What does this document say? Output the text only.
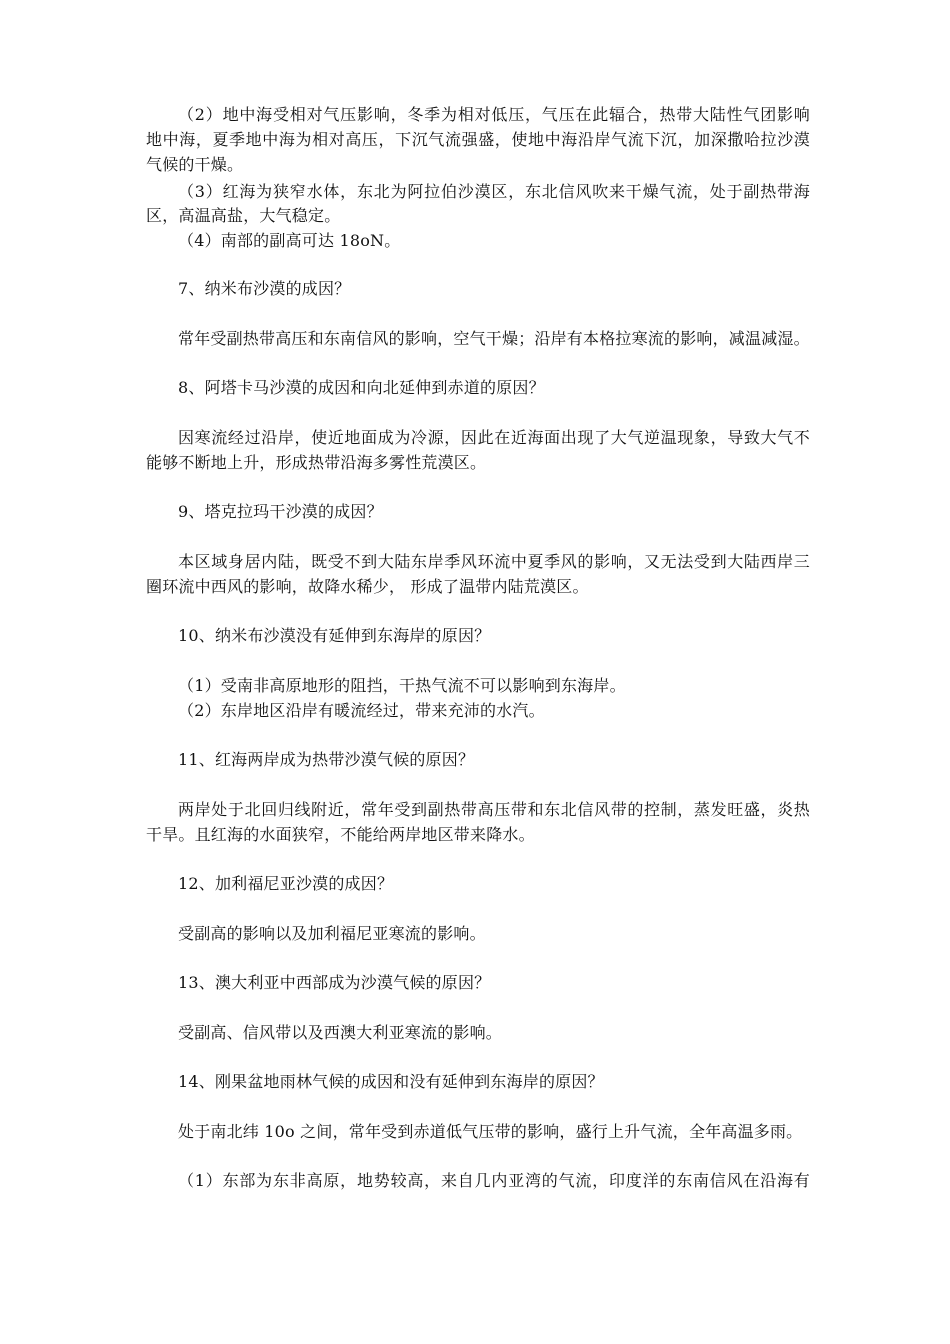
（2）地中海受相对气压影响，冬季为相对低压，气压在此辐合，热带大陆性气团影响
地中海，夏季地中海为相对高压，下沉气流强盛，使地中海沿岸气流下沉，加深撒哈拉沙漠
气候的干燥。
（3）红海为狭窄水体，东北为阿拉伯沙漠区，东北信风吹来干燥气流，处于副热带海
区，高温高盐，大气稳定。
（4）南部的副高可达 18oN。
7、纳米布沙漠的成因？
常年受副热带高压和东南信风的影响，空气干燥；沿岸有本格拉寒流的影响，减温减湿。
8、阿塔卡马沙漠的成因和向北延伸到赤道的原因？
因寒流经过沿岸，使近地面成为冷源，因此在近海面出现了大气逆温现象，导致大气不
能够不断地上升，形成热带沿海多雾性荒漠区。
9、塔克拉玛干沙漠的成因？
本区域身居内陆，既受不到大陆东岸季风环流中夏季风的影响，又无法受到大陆西岸三
圈环流中西风的影响，故降水稀少， 形成了温带内陆荒漠区。
10、纳米布沙漠没有延伸到东海岸的原因？
（1）受南非高原地形的阻挡，干热气流不可以影响到东海岸。
（2）东岸地区沿岸有暖流经过，带来充沛的水汽。
11、红海两岸成为热带沙漠气候的原因？
两岸处于北回归线附近，常年受到副热带高压带和东北信风带的控制，蒸发旺盛，炎热
干旱。且红海的水面狭窄，不能给两岸地区带来降水。
12、加利福尼亚沙漠的成因？
受副高的影响以及加利福尼亚寒流的影响。
13、澳大利亚中西部成为沙漠气候的原因？
受副高、信风带以及西澳大利亚寒流的影响。
14、刚果盆地雨林气候的成因和没有延伸到东海岸的原因？
处于南北纬 10o 之间，常年受到赤道低气压带的影响，盛行上升气流，全年高温多雨。
（1）东部为东非高原，地势较高，来自几内亚湾的气流，印度洋的东南信风在沿海有
